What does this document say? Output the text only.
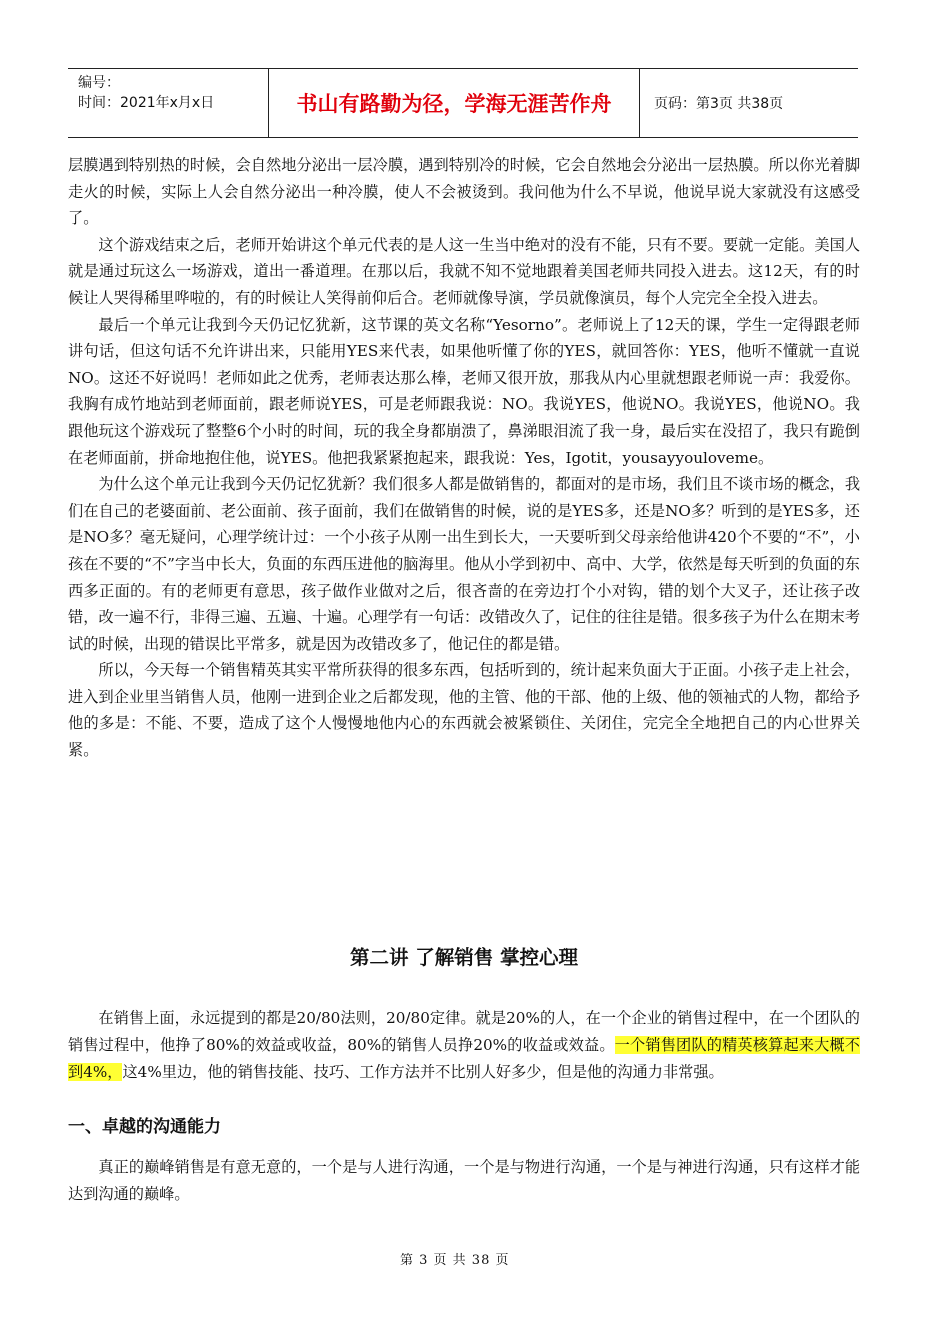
编号：
时间：2021年x月x日	书山有路勤为径，学海无涯苦作舟	页码：第3页 共38页

层膜遇到特别热的时候，会自然地分泌出一层冷膜，遇到特别冷的时候，它会自然地会分泌出一层热膜。所以你光着脚走火的时候，实际上人会自然分泌出一种冷膜，使人不会被烫到。我问他为什么不早说，他说早说大家就没有这感受了。

这个游戏结束之后，老师开始讲这个单元代表的是人这一生当中绝对的没有不能，只有不要。要就一定能。美国人就是通过玩这么一场游戏，道出一番道理。在那以后，我就不知不觉地跟着美国老师共同投入进去。这12天，有的时候让人哭得稀里哗啦的，有的时候让人笑得前仰后合。老师就像导演，学员就像演员，每个人完完全全投入进去。

最后一个单元让我到今天仍记忆犹新，这节课的英文名称“Yesorno”。老师说上了12天的课，学生一定得跟老师讲句话，但这句话不允许讲出来，只能用YES来代表，如果他听懂了你的YES，就回答你：YES，他听不懂就一直说NO。这还不好说吗！老师如此之优秀，老师表达那么棒，老师又很开放，那我从内心里就想跟老师说一声：我爱你。我胸有成竹地站到老师面前，跟老师说YES，可是老师跟我说：NO。我说YES，他说NO。我说YES，他说NO。我跟他玩这个游戏玩了整整6个小时的时间，玩的我全身都崩溃了，鼻涕眼泪流了我一身，最后实在没招了，我只有跪倒在老师面前，拼命地抱住他，说YES。他把我紧紧抱起来，跟我说：Yes，Igotit，yousayyouloveme。

为什么这个单元让我到今天仍记忆犹新？我们很多人都是做销售的，都面对的是市场，我们且不谈市场的概念，我们在自己的老婆面前、老公面前、孩子面前，我们在做销售的时候，说的是YES多，还是NO多？听到的是YES多，还是NO多？毫无疑问，心理学统计过：一个小孩子从刚一出生到长大，一天要听到父母亲给他讲420个不要的“不”，小孩在不要的“不”字当中长大，负面的东西压进他的脑海里。他从小学到初中、高中、大学，依然是每天听到的负面的东西多正面的。有的老师更有意思，孩子做作业做对之后，很吝啬的在旁边打个小对钩，错的划个大叉子，还让孩子改错，改一遍不行，非得三遍、五遍、十遍。心理学有一句话：改错改久了，记住的往往是错。很多孩子为什么在期末考试的时候，出现的错误比平常多，就是因为改错改多了，他记住的都是错。

所以，今天每一个销售精英其实平常所获得的很多东西，包括听到的，统计起来负面大于正面。小孩子走上社会，进入到企业里当销售人员，他刚一进到企业之后都发现，他的主管、他的干部、他的上级、他的领袖式的人物，都给予他的多是：不能、不要，造成了这个人慢慢地他内心的东西就会被紧锁住、关闭住，完完全全地把自己的内心世界关紧。

第二讲 了解销售 掌控心理

在销售上面，永远提到的都是20/80法则，20/80定律。就是20%的人，在一个企业的销售过程中，在一个团队的销售过程中，他挣了80%的效益或收益，80%的销售人员挣20%的收益或效益。一个销售团队的精英核算起来大概不到4%，这4%里边，他的销售技能、技巧、工作方法并不比别人好多少，但是他的沟通力非常强。

一、卓越的沟通能力

真正的巅峰销售是有意无意的，一个是与人进行沟通，一个是与物进行沟通，一个是与神进行沟通，只有这样才能达到沟通的巅峰。

第 3 页 共 38 页
